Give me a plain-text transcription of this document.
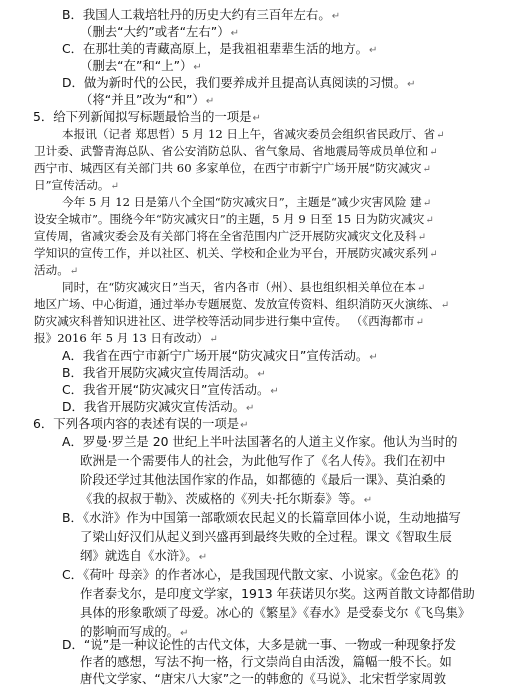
B．我国人工栽培牡丹的历史大约有三百年左右。↵
（删去“大约”或者“左右”）↵
C．在那壮美的青藏高原上，是我祖祖辈辈生活的地方。↵
（删去“在”和“上”）↵
D．做为新时代的公民，我们要养成并且提高认真阅读的习惯。↵
（将“并且”改为“和”）↵
5．给下列新闻拟写标题最恰当的一项是↵
本报讯（记者 郑思哲）5 月 12 日上午，省减灾委员会组织省民政厅、省↵
卫计委、武警青海总队、省公安消防总队、省气象局、省地震局等成员单位和↵
西宁市、城西区有关部门共 60 多家单位，在西宁市新宁广场开展“防灾减灾↵
日”宣传活动。↵
今年 5 月 12 日是第八个全国“防灾减灾日”，主题是“减少灾害风险 建↵
设安全城市”。围绕今年“防灾减灾日”的主题，5 月 9 日至 15 日为防灾减灾↵
宣传周，省减灾委会及有关部门将在全省范围内广泛开展防灾减灾文化及科↵
学知识的宣传工作，并以社区、机关、学校和企业为平台，开展防灾减灾系列↵
活动。↵
同时，在“防灾减灾日”当天，省内各市（州）、县也组织相关单位在本↵
地区广场、中心街道，通过举办专题展览、发放宣传资料、组织消防灭火演练、↵
防灾减灾科普知识进社区、进学校等活动同步进行集中宣传。 （《西海都市↵
报》2016 年 5 月 13 日有改动）↵
A．我省在西宁市新宁广场开展“防灾减灾日”宣传活动。↵
B．我省开展防灾减灾宣传周活动。↵
C．我省开展“防灾减灾日”宣传活动。↵
D．我省开展防灾减灾宣传活动。↵
6．下列各项内容的表述有误的一项是↵
A．罗曼·罗兰是 20 世纪上半叶法国著名的人道主义作家。他认为当时的
欧洲是一个需要伟人的社会，为此他写作了《名人传》。我们在初中
阶段还学过其他法国作家的作品，如都德的《最后一课》、莫泊桑的
《我的叔叔于勒》、茨威格的《列夫·托尔斯泰》等。↵
B．《水浒》作为中国第一部歌颂农民起义的长篇章回体小说，生动地描写
了梁山好汉们从起义到兴盛再到最终失败的全过程。课文《智取生辰
纲》就选自《水浒》。↵
C．《荷叶 母亲》的作者冰心，是我国现代散文家、小说家。《金色花》的
作者泰戈尔，是印度文学家，1913 年获诺贝尔奖。这两首散文诗都借助
具体的形象歌颂了母爱。冰心的《繁星》《春水》是受泰戈尔《飞鸟集》
的影响而写成的。↵
D．“说”是一种议论性的古代文体，大多是就一事、一物或一种现象抒发
作者的感想，写法不拘一格，行文崇尚自由活泼，篇幅一般不长。如
唐代文学家、“唐宋八大家”之一的韩愈的《马说》、北宋哲学家周敦
